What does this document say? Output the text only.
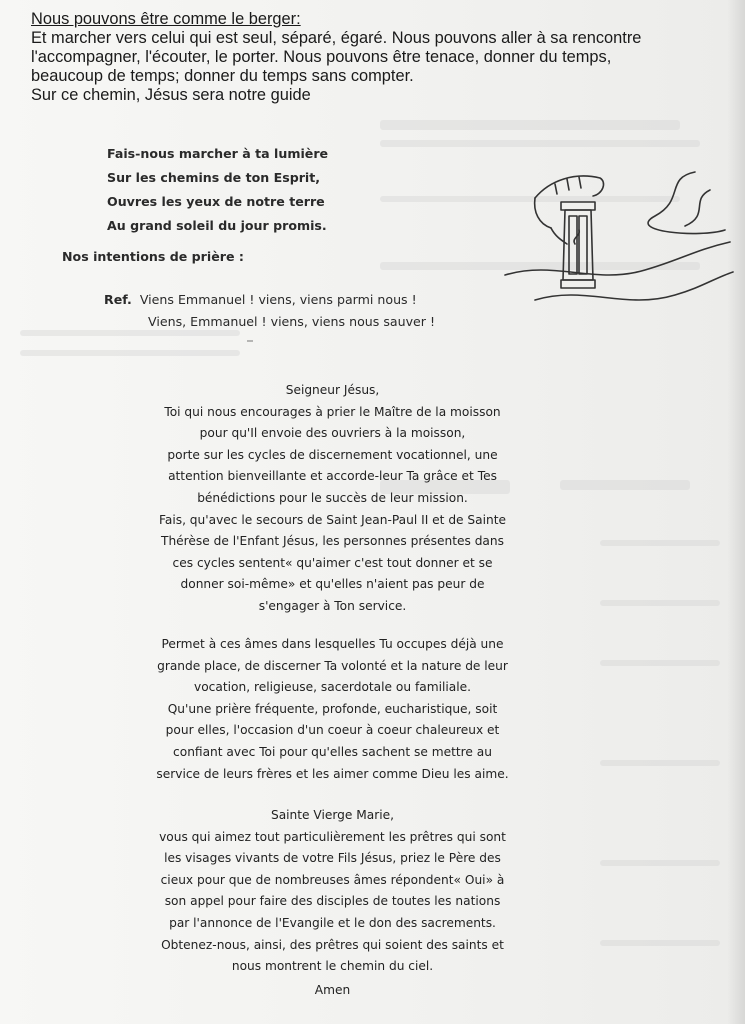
Nous pouvons être comme le berger:
Et marcher vers celui qui est seul, séparé, égaré. Nous pouvons aller à sa rencontre
l'accompagner, l'écouter, le porter. Nous pouvons être tenace, donner du temps,
beaucoup de temps; donner du temps sans compter.
Sur ce chemin, Jésus sera notre guide
Fais-nous marcher à ta lumière
Sur les chemins de ton Esprit,
Ouvres les yeux de notre terre
Au grand soleil du jour promis.
Nos intentions de prière :
Ref. Viens Emmanuel ! viens, viens parmi nous !
Viens, Emmanuel ! viens, viens nous sauver !
Seigneur Jésus,
Toi qui nous encourages à prier le Maître de la moisson
pour qu'Il envoie des ouvriers à la moisson,
porte sur les cycles de discernement vocationnel, une
attention bienveillante et accorde-leur Ta grâce et Tes
bénédictions pour le succès de leur mission.
Fais, qu'avec le secours de Saint Jean-Paul II et de Sainte
Thérèse de l'Enfant Jésus, les personnes présentes dans
ces cycles sentent« qu'aimer c'est tout donner et se
donner soi-même» et qu'elles n'aient pas peur de
s'engager à Ton service.
Permet à ces âmes dans lesquelles Tu occupes déjà une
grande place, de discerner Ta volonté et la nature de leur
vocation, religieuse, sacerdotale ou familiale.
Qu'une prière fréquente, profonde, eucharistique, soit
pour elles, l'occasion d'un coeur à coeur chaleureux et
confiant avec Toi pour qu'elles sachent se mettre au
service de leurs frères et les aimer comme Dieu les aime.
Sainte Vierge Marie,
vous qui aimez tout particulièrement les prêtres qui sont
les visages vivants de votre Fils Jésus, priez le Père des
cieux pour que de nombreuses âmes répondent« Oui» à
son appel pour faire des disciples de toutes les nations
par l'annonce de l'Evangile et le don des sacrements.
Obtenez-nous, ainsi, des prêtres qui soient des saints et
nous montrent le chemin du ciel.
Amen
